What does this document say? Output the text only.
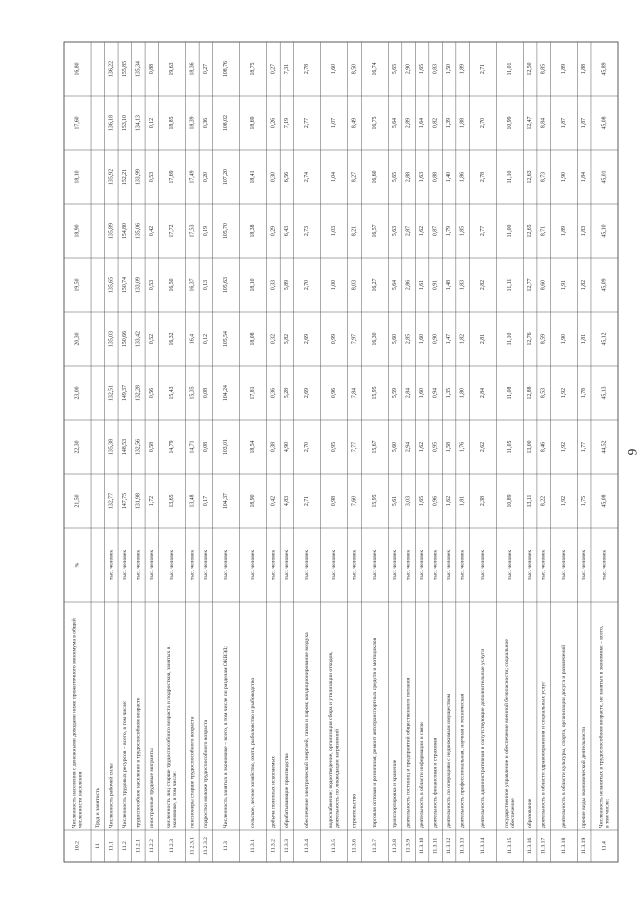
10.2
Численность населения с денежными доходами ниже прожиточного минимума в общей численности населения
%
21,50
22,30
23,00
20,30
19,50
18,90
18,10
17,60
16,80
11
Труд и занятость
11.1
Численность рабочей силы
тыс. человек
132,77
135,38
132,51
135,03
135,65
135,89
135,92
136,18
136,22
11.2
Численность трудовых ресурсов – всего, в том числе:
тыс. человек
147,75
148,53
149,37
150,66
150,74
154,80
152,21
153,10
155,85
11.2.1
трудоспособное население в трудоспособном возрасте
тыс. человек
131,98
132,56
132,28
133,42
133,09
135,06
133,99
134,13
135,34
11.2.2
иностранные трудовые мигранты
тыс. человек
1,72
0,58
0,56
0,52
0,53
0,42
0,53
0,12
0,88
11.2.3
численность лиц старше трудоспособного возраста и подростков, занятых в экономике, в том числе:
тыс. человек
13,65
14,79
15,43
16,32
16,50
17,72
17,69
18,85
19,63
11.2.3.1
пенсионеры старше трудоспособного возраста
тыс. человек
13,48
14,71
15,35
16,4
16,37
17,53
17,49
18,39
18,36
11.2.3.2
подростки моложе трудоспособного возраста
тыс. человек
0,17
0,08
0,08
0,12
0,13
0,19
0,20
0,36
0,27
11.3
Численность занятых в экономике – всего, в том числе по разделам ОКВЭД:
тыс. человек
104,37
103,01
104,24
105,54
105,63
105,70
107,20
108,02
108,76
11.3.1
сельское, лесное хозяйство, охота, рыболовство и рыбоводство
тыс. человек
18,90
18,54
17,81
18,08
18,10
18,38
18,41
18,69
18,75
11.3.2
добыча полезных ископаемых
тыс. человек
0,42
0,38
0,36
0,32
0,33
0,29
0,30
0,26
0,27
11.3.3
обрабатывающие производства
тыс. человек
4,83
4,90
5,28
5,82
5,89
6,43
6,56
7,19
7,31
11.3.4
обеспечение электрической энергией, газом и паром; кондиционирование воздуха
тыс. человек
2,71
2,70
2,69
2,69
2,70
2,73
2,74
2,77
2,78
11.3.5
водоснабжение; водоотведение, организация сбора и утилизации отходов, деятельность по ликвидации загрязнений
тыс. человек
0,98
0,95
0,96
0,99
1,00
1,03
1,04
1,07
1,60
11.3.6
строительство
тыс. человек
7,60
7,77
7,84
7,97
8,03
8,21
8,27
8,49
8,50
11.3.7
торговля оптовая и розничная; ремонт автотранспортных средств и мотоциклов
тыс. человек
15,95
15,67
15,95
16,30
16,27
16,57
16,60
16,75
16,74
11.3.8
транспортировка и хранение
тыс. человек
5,61
5,60
5,59
5,60
5,64
5,63
5,65
5,64
5,65
11.3.9
деятельность гостиниц и предприятий общественного питания
тыс. человек
3,03
2,94
2,84
2,85
2,86
2,87
2,88
2,89
2,90
11.3.10
деятельность в области информации и связи
тыс. человек
1,65
1,62
1,60
1,60
1,61
1,62
1,63
1,64
1,65
11.3.11
деятельность финансовая и страховая
тыс. человек
0,96
0,95
0,94
0,90
0,91
0,87
0,88
0,82
0,83
11.3.12
деятельность по операциям с недвижимым имуществом
тыс. человек
1,62
1,58
1,35
1,47
1,48
1,79
1,40
1,39
1,50
11.3.13
деятельность профессиональная, научная и техническая
тыс. человек
1,81
1,76
1,80
1,82
1,83
1,85
1,86
1,88
1,89
11.3.14
деятельность административная и сопутствующие дополнительные услуги
тыс. человек
2,38
2,62
2,84
2,81
2,82
2,77
2,78
2,70
2,71
11.3.15
государственное управление и обеспечение военной безопасности; социальное обеспечение
тыс. человек
10,89
11,05
11,08
11,10
11,11
11,00
11,10
10,99
11,01
11.3.16
образование
тыс. человек
13,11
13,00
12,88
12,76
12,77
12,65
12,63
12,47
12,50
11.3.17
деятельность в области здравоохранения и социальных услуг
тыс. человек
8,22
8,46
8,53
8,59
8,60
8,71
8,73
8,84
8,85
11.3.18
деятельность в области культуры, спорта, организации досуга и развлечений
тыс. человек
1,92
1,92
1,92
1,90
1,91
1,89
1,90
1,87
1,89
11.3.19
прочие виды экономической деятельности
тыс. человек
1,75
1,77
1,78
1,81
1,82
1,83
1,84
1,87
1,88
11.4
Численность незанятых в трудоспособном возрасте, не занятых в экономике – всего, в том числе:
тыс. человек
45,08
44,52
45,13
45,12
45,09
45,10
45,01
45,08
45,89
9
